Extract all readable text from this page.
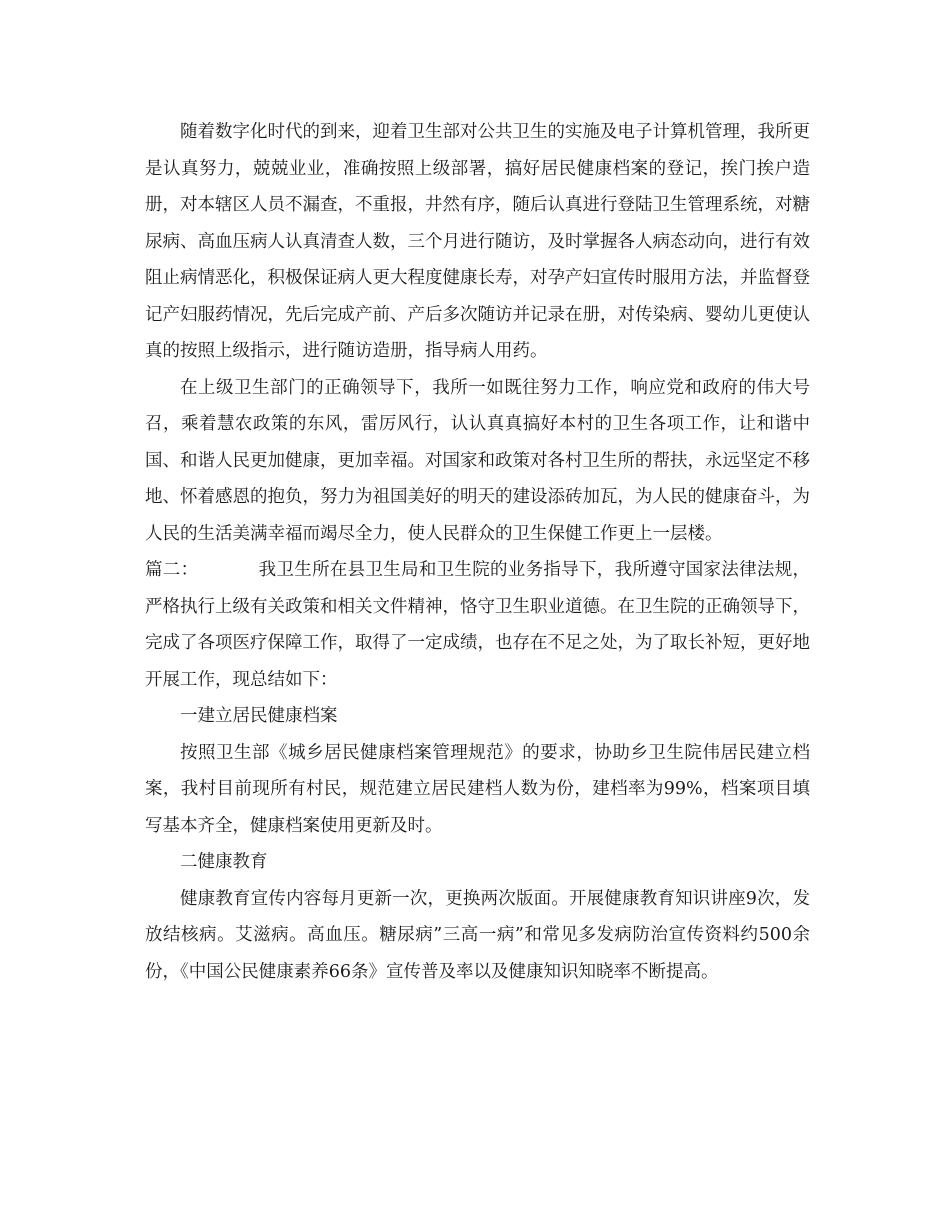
随着数字化时代的到来，迎着卫生部对公共卫生的实施及电子计算机管理，我所更是认真努力，兢兢业业，准确按照上级部署，搞好居民健康档案的登记，挨门挨户造册，对本辖区人员不漏查，不重报，井然有序，随后认真进行登陆卫生管理系统，对糖尿病、高血压病人认真清查人数，三个月进行随访，及时掌握各人病态动向，进行有效阻止病情恶化，积极保证病人更大程度健康长寿，对孕产妇宣传时服用方法，并监督登记产妇服药情况，先后完成产前、产后多次随访并记录在册，对传染病、婴幼儿更使认真的按照上级指示，进行随访造册，指导病人用药。

在上级卫生部门的正确领导下，我所一如既往努力工作，响应党和政府的伟大号召，乘着慧农政策的东风，雷厉风行，认认真真搞好本村的卫生各项工作，让和谐中国、和谐人民更加健康，更加幸福。对国家和政策对各村卫生所的帮扶，永远坚定不移地、怀着感恩的抱负，努力为祖国美好的明天的建设添砖加瓦，为人民的健康奋斗，为人民的生活美满幸福而竭尽全力，使人民群众的卫生保健工作更上一层楼。

篇二：	我卫生所在县卫生局和卫生院的业务指导下，我所遵守国家法律法规，严格执行上级有关政策和相关文件精神，恪守卫生职业道德。在卫生院的正确领导下，完成了各项医疗保障工作，取得了一定成绩，也存在不足之处，为了取长补短，更好地开展工作，现总结如下：

一建立居民健康档案

按照卫生部《城乡居民健康档案管理规范》的要求，协助乡卫生院伟居民建立档案，我村目前现所有村民，规范建立居民建档人数为份，建档率为99%，档案项目填写基本齐全，健康档案使用更新及时。

二健康教育

健康教育宣传内容每月更新一次，更换两次版面。开展健康教育知识讲座9次，发放结核病。艾滋病。高血压。糖尿病”三高一病”和常见多发病防治宣传资料约500余份，《中国公民健康素养66条》宣传普及率以及健康知识知晓率不断提高。
